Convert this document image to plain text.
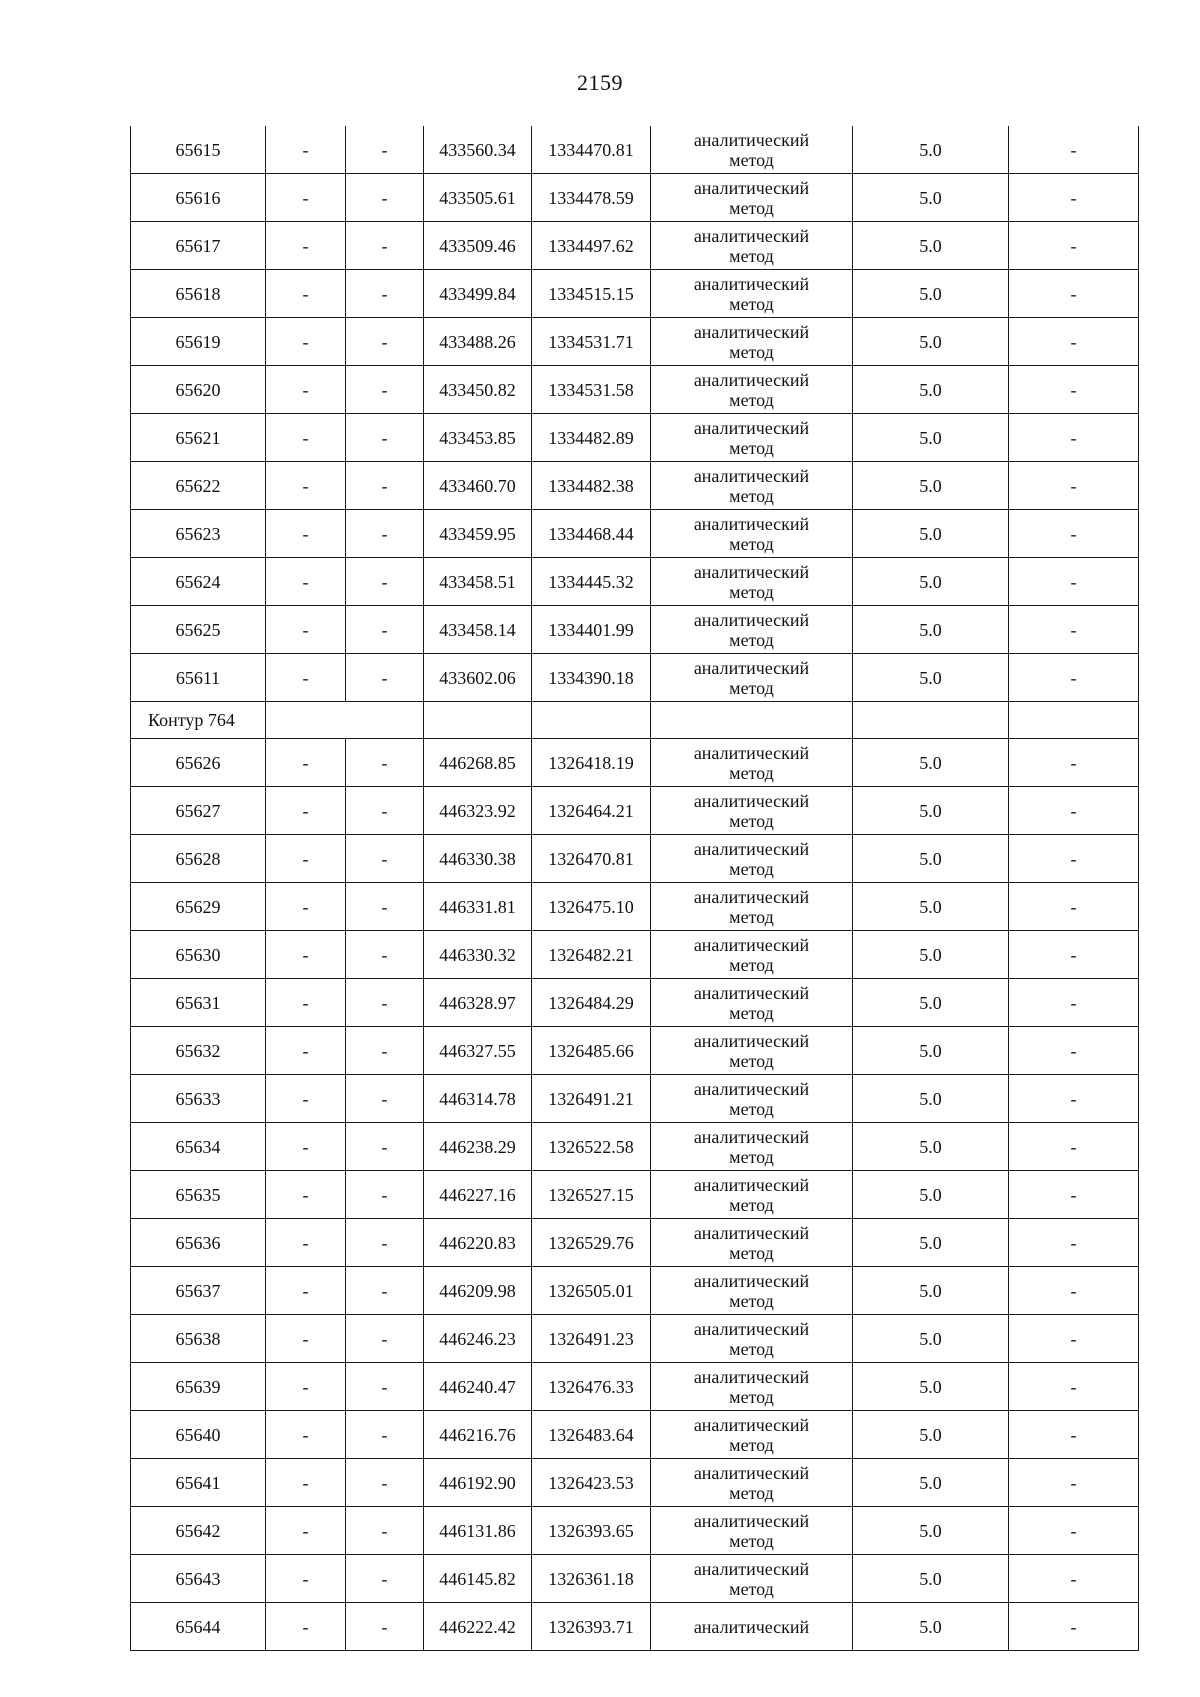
2159
65615	-	-	433560.34	1334470.81	аналитический
метод	5.0	-
65616	-	-	433505.61	1334478.59	аналитический
метод	5.0	-
65617	-	-	433509.46	1334497.62	аналитический
метод	5.0	-
65618	-	-	433499.84	1334515.15	аналитический
метод	5.0	-
65619	-	-	433488.26	1334531.71	аналитический
метод	5.0	-
65620	-	-	433450.82	1334531.58	аналитический
метод	5.0	-
65621	-	-	433453.85	1334482.89	аналитический
метод	5.0	-
65622	-	-	433460.70	1334482.38	аналитический
метод	5.0	-
65623	-	-	433459.95	1334468.44	аналитический
метод	5.0	-
65624	-	-	433458.51	1334445.32	аналитический
метод	5.0	-
65625	-	-	433458.14	1334401.99	аналитический
метод	5.0	-
65611	-	-	433602.06	1334390.18	аналитический
метод	5.0	-
Контур 764							
65626	-	-	446268.85	1326418.19	аналитический
метод	5.0	-
65627	-	-	446323.92	1326464.21	аналитический
метод	5.0	-
65628	-	-	446330.38	1326470.81	аналитический
метод	5.0	-
65629	-	-	446331.81	1326475.10	аналитический
метод	5.0	-
65630	-	-	446330.32	1326482.21	аналитический
метод	5.0	-
65631	-	-	446328.97	1326484.29	аналитический
метод	5.0	-
65632	-	-	446327.55	1326485.66	аналитический
метод	5.0	-
65633	-	-	446314.78	1326491.21	аналитический
метод	5.0	-
65634	-	-	446238.29	1326522.58	аналитический
метод	5.0	-
65635	-	-	446227.16	1326527.15	аналитический
метод	5.0	-
65636	-	-	446220.83	1326529.76	аналитический
метод	5.0	-
65637	-	-	446209.98	1326505.01	аналитический
метод	5.0	-
65638	-	-	446246.23	1326491.23	аналитический
метод	5.0	-
65639	-	-	446240.47	1326476.33	аналитический
метод	5.0	-
65640	-	-	446216.76	1326483.64	аналитический
метод	5.0	-
65641	-	-	446192.90	1326423.53	аналитический
метод	5.0	-
65642	-	-	446131.86	1326393.65	аналитический
метод	5.0	-
65643	-	-	446145.82	1326361.18	аналитический
метод	5.0	-
65644	-	-	446222.42	1326393.71	аналитический	5.0	-
